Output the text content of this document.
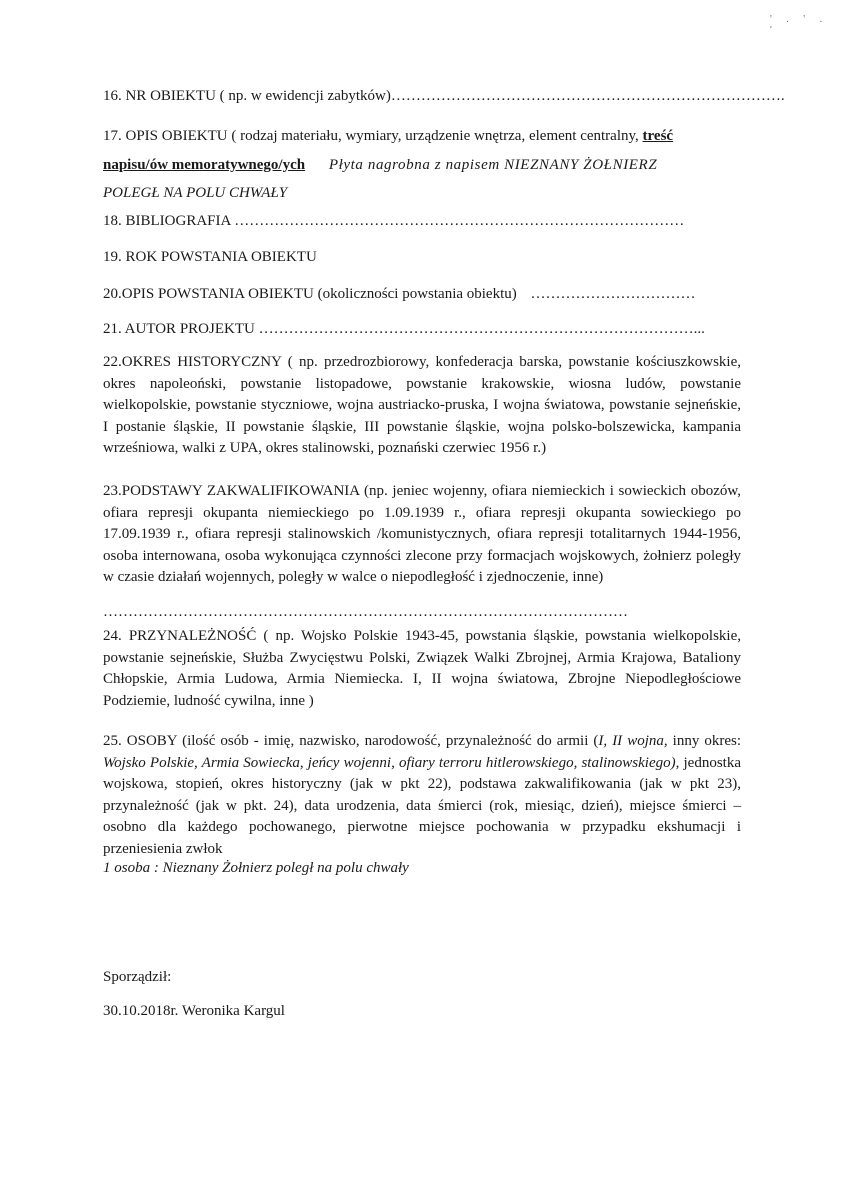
' . ' . '
16. NR OBIEKTU ( np. w ewidencji zabytków)…………………………………………………………………….
17. OPIS OBIEKTU ( rodzaj materiału, wymiary, urządzenie wnętrza, element centralny, treść
napisu/ów memoratywnego/ych Płyta nagrobna z napisem NIEZNANY ŻOŁNIERZ
POLEGŁ NA POLU CHWAŁY
18. BIBLIOGRAFIA ………………………………………………………………………………
19. ROK POWSTANIA OBIEKTU
20.OPIS POWSTANIA OBIEKTU (okoliczności powstania obiektu) ……………………………
21. AUTOR PROJEKTU ……………………………………………………………………………...
22.OKRES HISTORYCZNY ( np. przedrozbiorowy, konfederacja barska, powstanie kościuszkowskie, okres napoleoński, powstanie listopadowe, powstanie krakowskie, wiosna ludów, powstanie wielkopolskie, powstanie styczniowe, wojna austriacko-pruska, I wojna światowa, powstanie sejneńskie, I postanie śląskie, II powstanie śląskie, III powstanie śląskie, wojna polsko-bolszewicka, kampania wrześniowa, walki z UPA, okres stalinowski, poznański czerwiec 1956 r.)
23.PODSTAWY ZAKWALIFIKOWANIA (np. jeniec wojenny, ofiara niemieckich i sowieckich obozów, ofiara represji okupanta niemieckiego po 1.09.1939 r., ofiara represji okupanta sowieckiego po 17.09.1939 r., ofiara represji stalinowskich /komunistycznych, ofiara represji totalitarnych 1944-1956, osoba internowana, osoba wykonująca czynności zlecone przy formacjach wojskowych, żołnierz poległy w czasie działań wojennych, poległy w walce o niepodległość i zjednoczenie, inne)
……………………………………………………………………………………………
24. PRZYNALEŻNOŚĆ ( np. Wojsko Polskie 1943-45, powstania śląskie, powstania wielkopolskie, powstanie sejneńskie, Służba Zwycięstwu Polski, Związek Walki Zbrojnej, Armia Krajowa, Bataliony Chłopskie, Armia Ludowa, Armia Niemiecka. I, II wojna światowa, Zbrojne Niepodległościowe Podziemie, ludność cywilna, inne )
25. OSOBY (ilość osób - imię, nazwisko, narodowość, przynależność do armii (I, II wojna, inny okres: Wojsko Polskie, Armia Sowiecka, jeńcy wojenni, ofiary terroru hitlerowskiego, stalinowskiego), jednostka wojskowa, stopień, okres historyczny (jak w pkt 22), podstawa zakwalifikowania (jak w pkt 23), przynależność (jak w pkt. 24), data urodzenia, data śmierci (rok, miesiąc, dzień), miejsce śmierci – osobno dla każdego pochowanego, pierwotne miejsce pochowania w przypadku ekshumacji i przeniesienia zwłok
1 osoba : Nieznany Żołnierz poległ na polu chwały
Sporządził:
30.10.2018r. Weronika Kargul
